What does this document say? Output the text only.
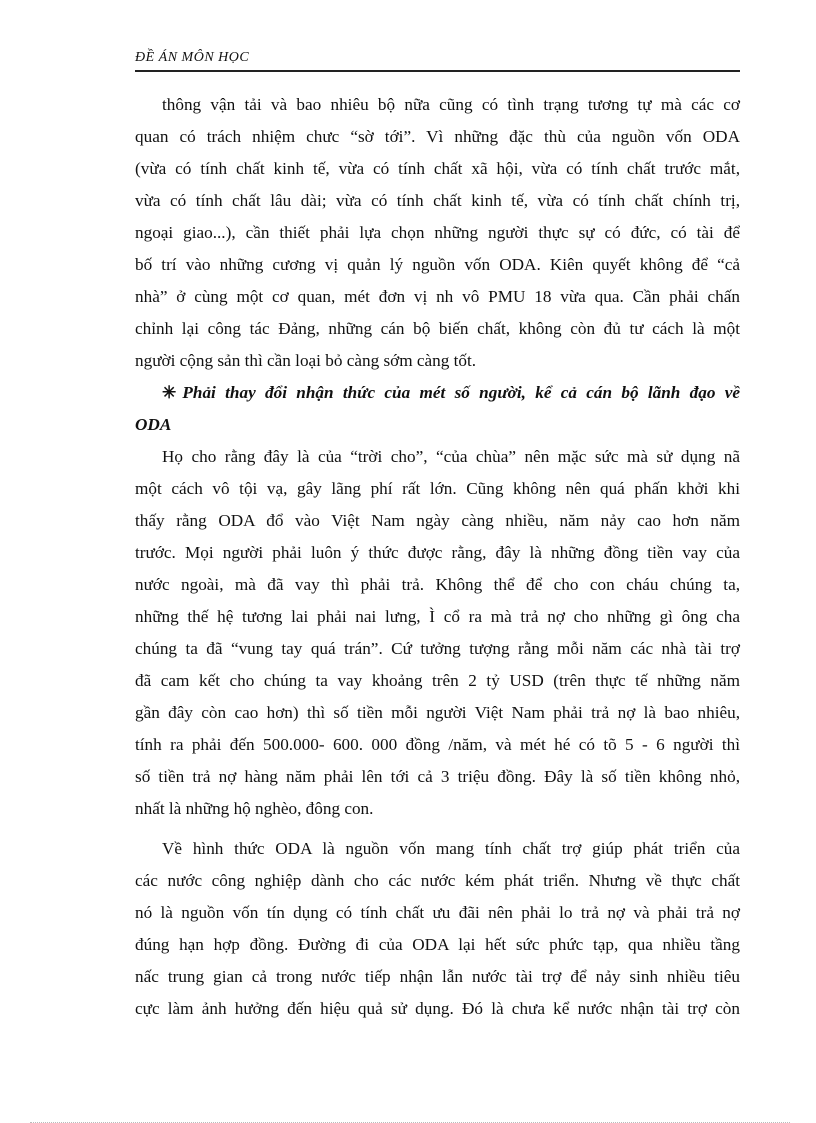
ĐỀ ÁN MÔN HỌC
thông vận tải và bao nhiêu bộ nữa cũng có tình trạng tương tự mà các cơ
quan có trách nhiệm chưc “sờ tới”. Vì những đặc thù của nguồn vốn ODA
(vừa có tính chất kinh tế, vừa có tính chất xã hội, vừa có tính chất trước mắt,
vừa có tính chất lâu dài; vừa có tính chất kinh tế, vừa có tính chất chính trị,
ngoại giao...), cần thiết phải lựa chọn những người thực sự có đức, có tài để
bố trí vào những cương vị quản lý nguồn vốn ODA. Kiên quyết không để “cả
nhà” ở cùng một cơ quan, mét đơn vị nh vô PMU 18 vừa qua. Cần phải chấn
chỉnh lại công tác Đảng, những cán bộ biến chất, không còn đủ tư cách là một
người cộng sản thì cần loại bỏ càng sớm càng tốt.
✳ Phải thay đổi nhận thức của mét số người, kể cả cán bộ lãnh đạo về
ODA
Họ cho rằng đây là của “trời cho”, “của chùa” nên mặc sức mà sử dụng nã
một cách vô tội vạ, gây lãng phí rất lớn. Cũng không nên quá phấn khởi khi
thấy rằng ODA đổ vào Việt Nam ngày càng nhiều, năm nảy cao hơn năm
trước. Mọi người phải luôn ý thức được rằng, đây là những đồng tiền vay của
nước ngoài, mà đã vay thì phải trả. Không thể để cho con cháu chúng ta,
những thế hệ tương lai phải nai lưng, Ì cổ ra mà trả nợ cho những gì ông cha
chúng ta đã “vung tay quá trán”. Cứ tưởng tượng rằng mỗi năm các nhà tài trợ
đã cam kết cho chúng ta vay khoảng trên 2 tỷ USD (trên thực tế những năm
gần đây còn cao hơn) thì số tiền mỗi người Việt Nam phải trả nợ là bao nhiêu,
tính ra phải đến 500.000- 600. 000 đồng /năm, và mét hé có tõ 5 - 6 người thì
số tiền trả nợ hàng năm phải lên tới cả 3 triệu đồng. Đây là số tiền không nhỏ,
nhất là những hộ nghèo, đông con.
Về hình thức ODA là nguồn vốn mang tính chất trợ giúp phát triển của
các nước công nghiệp dành cho các nước kém phát triển. Nhưng về thực chất
nó là nguồn vốn tín dụng có tính chất ưu đãi nên phải lo trả nợ và phải trả nợ
đúng hạn hợp đồng. Đường đi của ODA lại hết sức phức tạp, qua nhiều tầng
nấc trung gian cả trong nước tiếp nhận lẫn nước tài trợ để nảy sinh nhiều tiêu
cực làm ảnh hưởng đến hiệu quả sử dụng. Đó là chưa kể nước nhận tài trợ còn
